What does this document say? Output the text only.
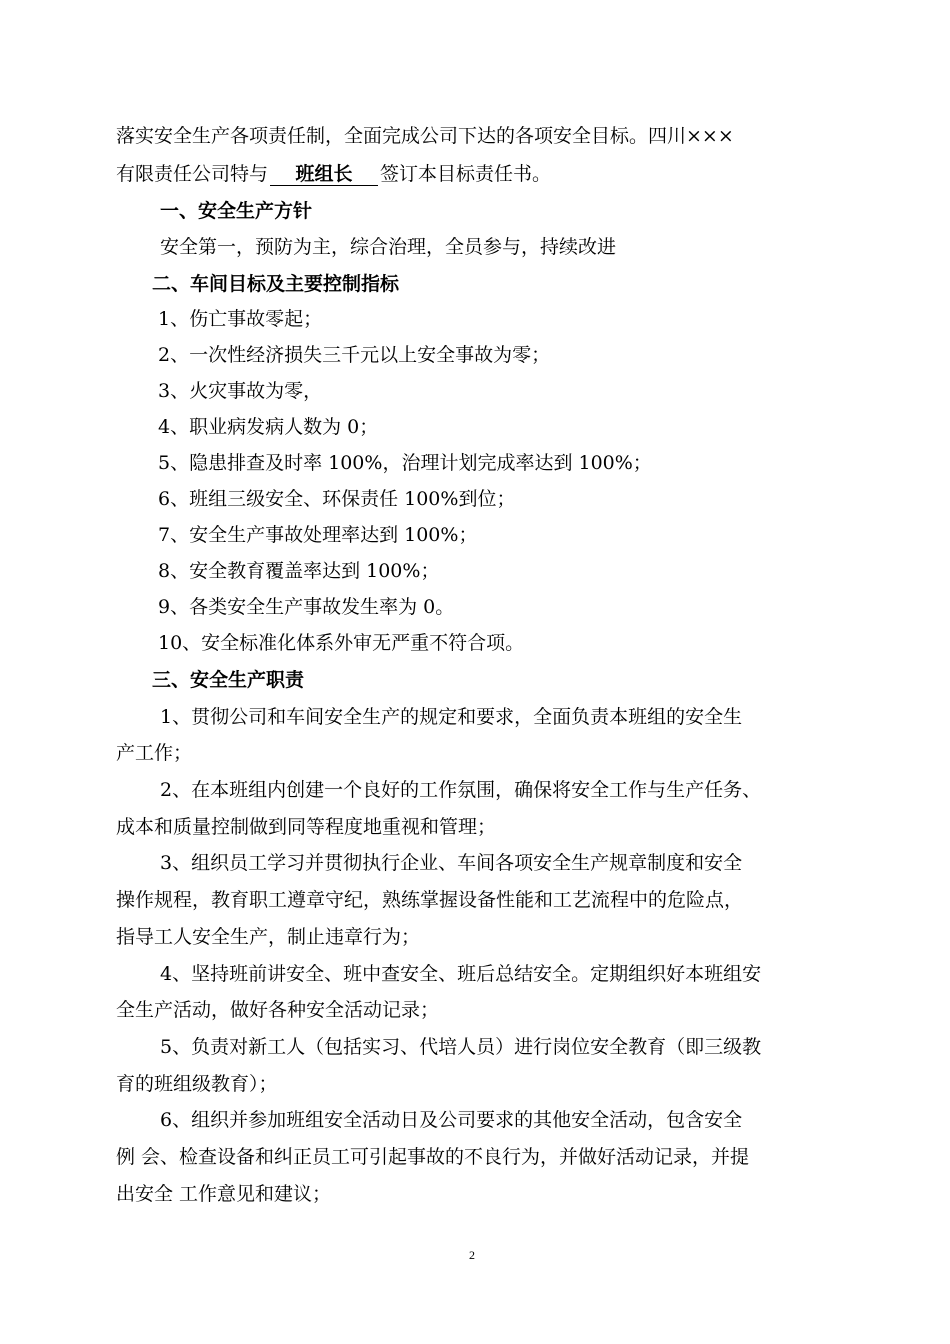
落实安全生产各项责任制，全面完成公司下达的各项安全目标。四川×××
有限责任公司特与 班组长 签订本目标责任书。
一、安全生产方针
安全第一，预防为主，综合治理，全员参与，持续改进
二、车间目标及主要控制指标
1、伤亡事故零起；
2、一次性经济损失三千元以上安全事故为零；
3、火灾事故为零，
4、职业病发病人数为 0；
5、隐患排查及时率 100%，治理计划完成率达到 100%；
6、班组三级安全、环保责任 100%到位；
7、安全生产事故处理率达到 100%；
8、安全教育覆盖率达到 100%；
9、各类安全生产事故发生率为 0。
10、安全标准化体系外审无严重不符合项。
三、安全生产职责
1、贯彻公司和车间安全生产的规定和要求，全面负责本班组的安全生
产工作；
2、在本班组内创建一个良好的工作氛围，确保将安全工作与生产任务、
成本和质量控制做到同等程度地重视和管理；
3、组织员工学习并贯彻执行企业、车间各项安全生产规章制度和安全
操作规程，教育职工遵章守纪，熟练掌握设备性能和工艺流程中的危险点，
指导工人安全生产，制止违章行为；
4、坚持班前讲安全、班中查安全、班后总结安全。定期组织好本班组安
全生产活动，做好各种安全活动记录；
5、负责对新工人（包括实习、代培人员）进行岗位安全教育（即三级教
育的班组级教育）；
6、组织并参加班组安全活动日及公司要求的其他安全活动，包含安全
例 会、检查设备和纠正员工可引起事故的不良行为，并做好活动记录，并提
出安全 工作意见和建议；
2
